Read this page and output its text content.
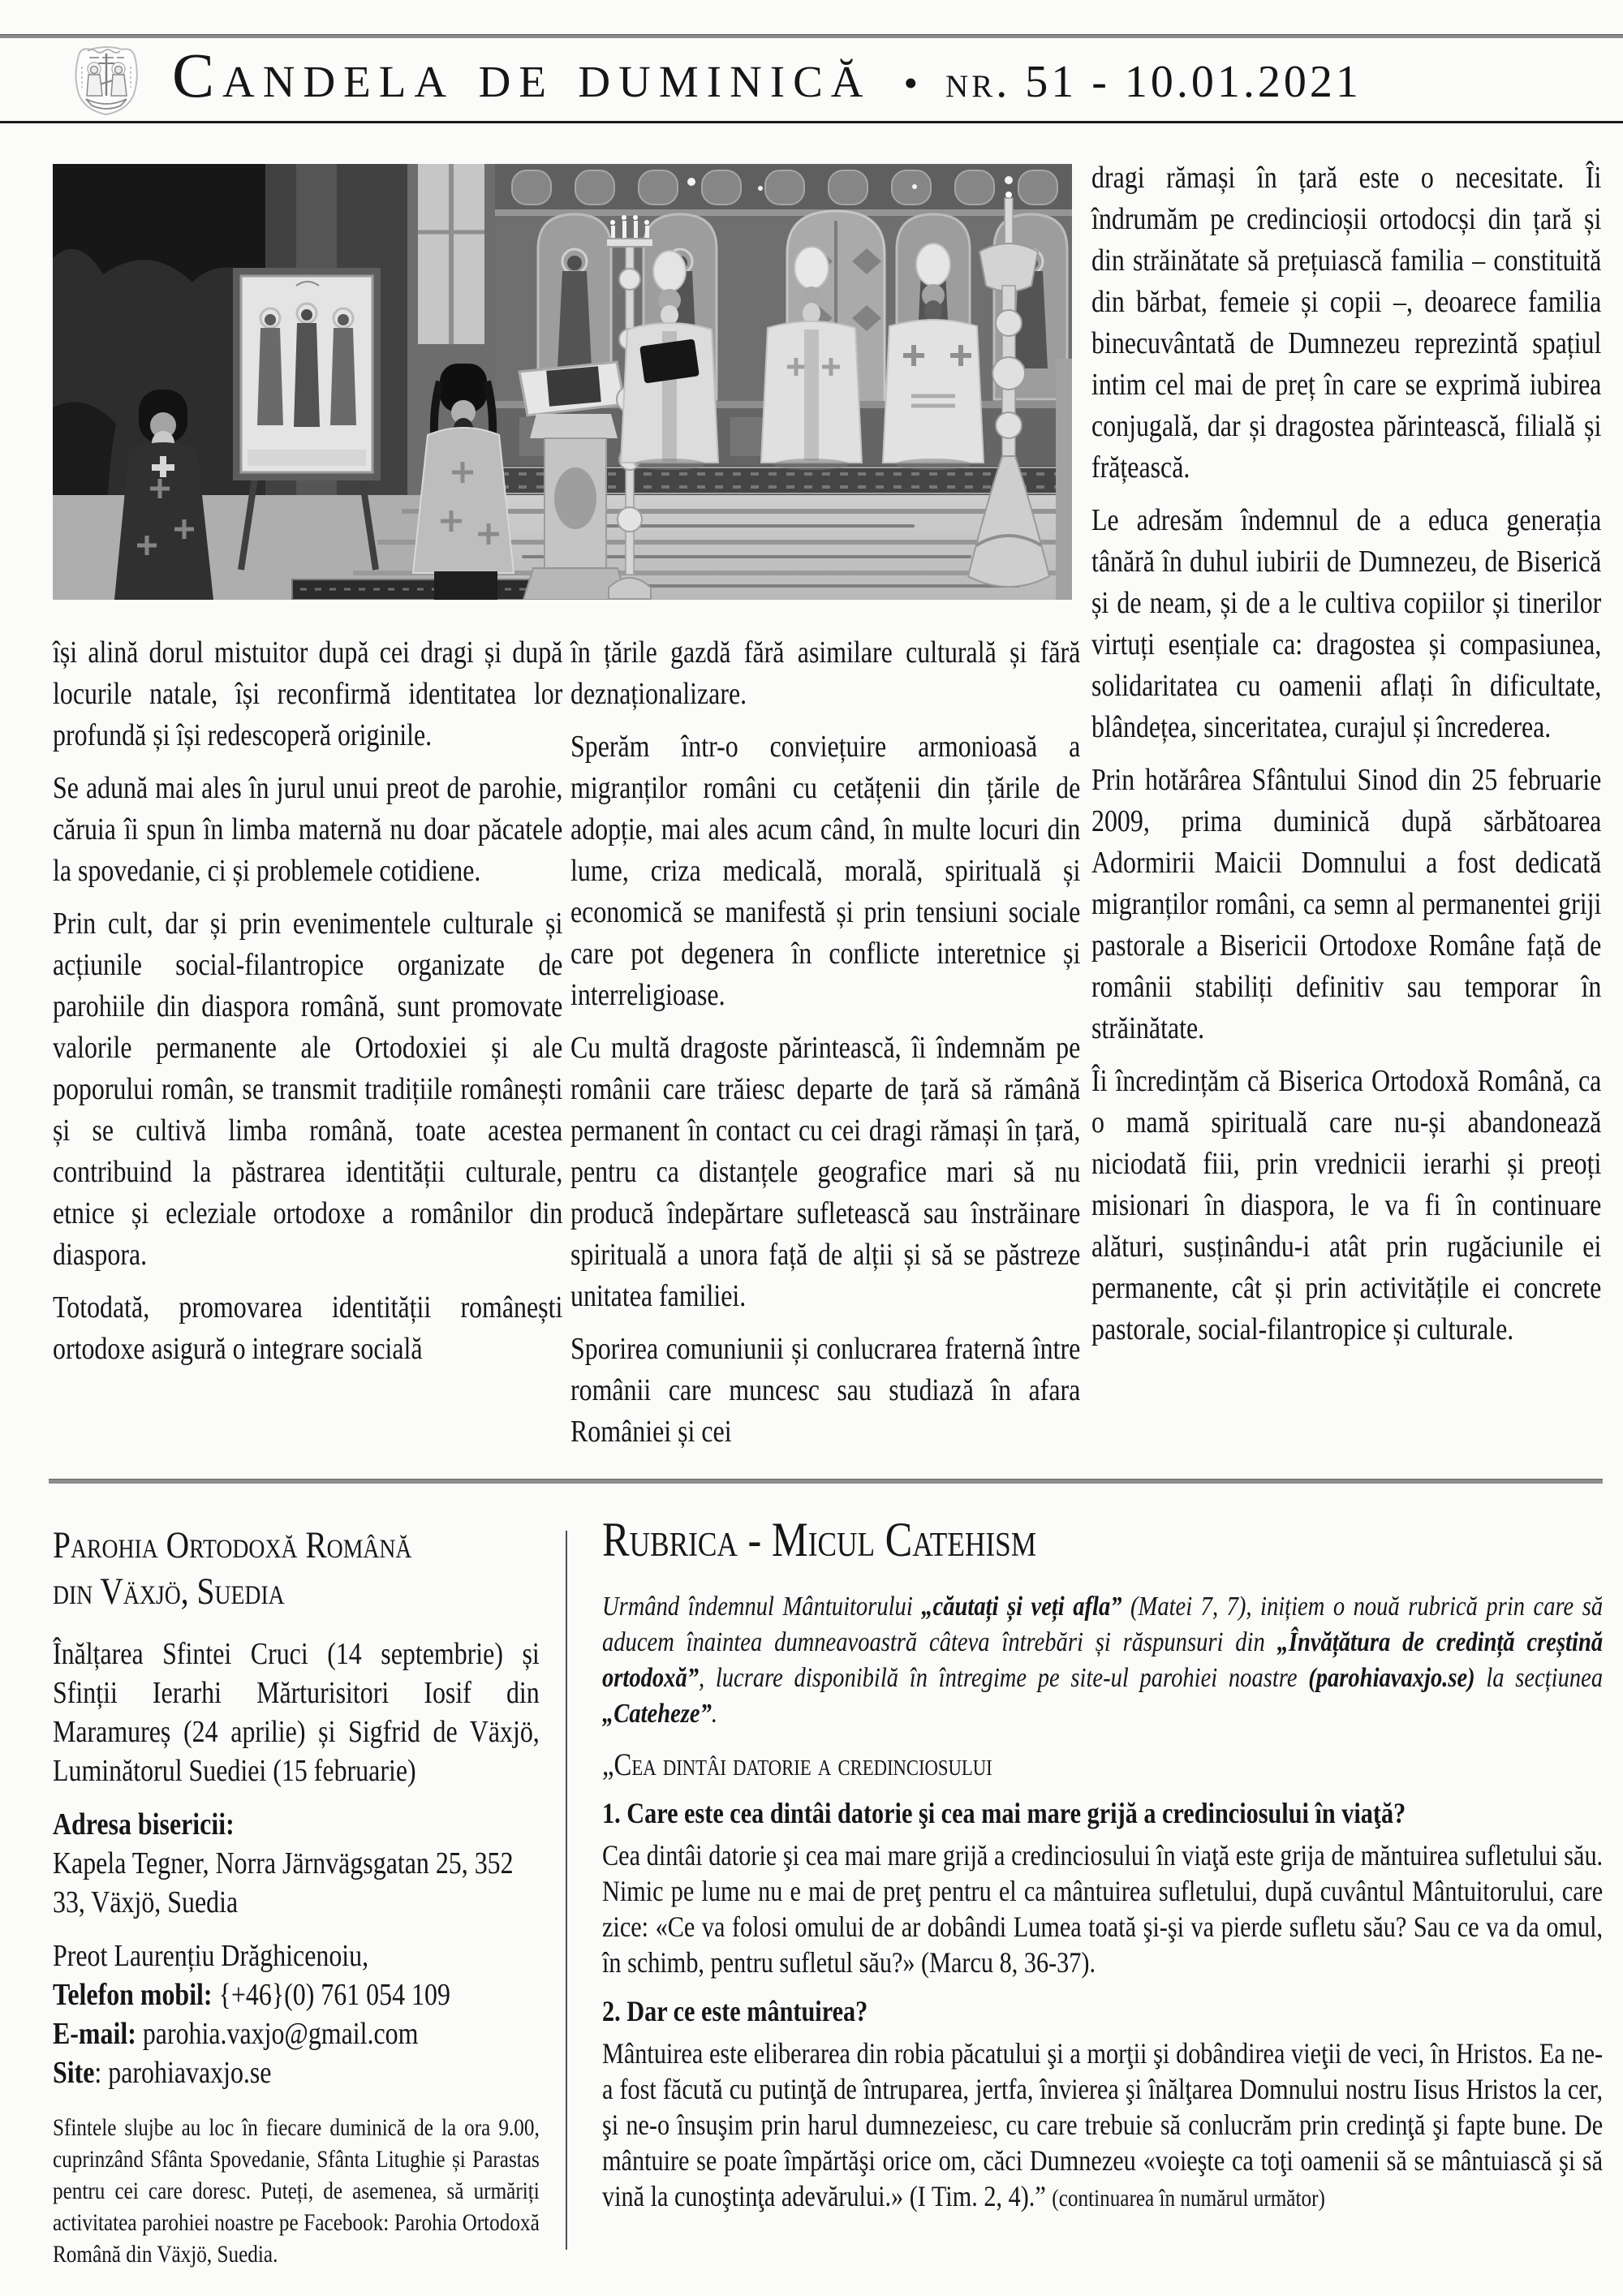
Candela de duminică • nr. 51 - 10.01.2021

își alină dorul mistuitor după cei dragi și după locurile natale, își reconfirmă identitatea lor profundă și își redescoperă originile.

Se adună mai ales în jurul unui preot de parohie, căruia îi spun în limba maternă nu doar păcatele la spovedanie, ci și problemele cotidiene.

Prin cult, dar și prin evenimentele culturale și acțiunile social-filantropice organizate de parohiile din diaspora română, sunt promovate valorile permanente ale Ortodoxiei și ale poporului român, se transmit tradițiile românești și se cultivă limba română, toate acestea contribuind la păstrarea identității culturale, etnice și ecleziale ortodoxe a românilor din diaspora.

Totodată, promovarea identității românești ortodoxe asigură o integrare socială

în țările gazdă fără asimilare culturală și fără deznaționalizare.

Sperăm într-o conviețuire armonioasă a migranților români cu cetățenii din țările de adopție, mai ales acum când, în multe locuri din lume, criza medicală, morală, spirituală și economică se manifestă și prin tensiuni sociale care pot degenera în conflicte interetnice și interreligioase.

Cu multă dragoste părintească, îi îndemnăm pe românii care trăiesc departe de țară să rămână permanent în contact cu cei dragi rămași în țară, pentru ca distanțele geografice mari să nu producă îndepărtare sufletească sau înstrăinare spirituală a unora față de alții și să se păstreze unitatea familiei.

Sporirea comuniunii și conlucrarea fraternă între românii care muncesc sau studiază în afara României și cei

dragi rămași în țară este o necesitate. Îi îndrumăm pe credincioșii ortodocși din țară și din străinătate să prețuiască familia – constituită din bărbat, femeie și copii –, deoarece familia binecuvântată de Dumnezeu reprezintă spațiul intim cel mai de preț în care se exprimă iubirea conjugală, dar și dragostea părintească, filială și frățească.

Le adresăm îndemnul de a educa generația tânără în duhul iubirii de Dumnezeu, de Biserică și de neam, și de a le cultiva copiilor și tinerilor virtuți esențiale ca: dragostea și compasiunea, solidaritatea cu oamenii aflați în dificultate, blândețea, sinceritatea, curajul și încrederea.

Prin hotărârea Sfântului Sinod din 25 februarie 2009, prima duminică după sărbătoarea Adormirii Maicii Domnului a fost dedicată migranților români, ca semn al permanentei griji pastorale a Bisericii Ortodoxe Române față de românii stabiliți definitiv sau temporar în străinătate.

Îi încredințăm că Biserica Ortodoxă Română, ca o mamă spirituală care nu-și abandonează niciodată fiii, prin vrednicii ierarhi și preoți misionari în diaspora, le va fi în continuare alături, susținându-i atât prin rugăciunile ei permanente, cât și prin activitățile ei concrete pastorale, social-filantropice și culturale.

Parohia Ortodoxă Română
din Växjö, Suedia

Înălțarea Sfintei Cruci (14 septembrie) și Sfinții Ierarhi Mărturisitori Iosif din Maramureș (24 aprilie) și Sigfrid de Växjö, Luminătorul Suediei (15 februarie)

Adresa bisericii:
Kapela Tegner, Norra Järnvägsgatan 25, 352 33, Växjö, Suedia

Preot Laurențiu Drăghicenoiu,
Telefon mobil: {+46}(0) 761 054 109
E-mail: parohia.vaxjo@gmail.com
Site: parohiavaxjo.se

Sfintele slujbe au loc în fiecare duminică de la ora 9.00, cuprinzând Sfânta Spovedanie, Sfânta Litughie și Parastas pentru cei care doresc. Puteți, de asemenea, să urmăriți activitatea parohiei noastre pe Facebook: Parohia Ortodoxă Română din Växjö, Suedia.

Rubrica - Micul Catehism

Urmând îndemnul Mântuitorului „căutați și veți afla” (Matei 7, 7), inițiem o nouă rubrică prin care să aducem înaintea dumneavoastră câteva întrebări și răspunsuri din „Învățătura de credință creștină ortodoxă”, lucrare disponibilă în întregime pe site-ul parohiei noastre (parohiavaxjo.se) la secțiunea „Cateheze”.

„Cea dintâi datorie a credinciosului

1. Care este cea dintâi datorie şi cea mai mare grijă a credinciosului în viaţă?

Cea dintâi datorie şi cea mai mare grijă a credinciosului în viaţă este grija de măntuirea sufletului său. Nimic pe lume nu e mai de preţ pentru el ca mântuirea sufletului, după cuvântul Mântuitorului, care zice: «Ce va folosi omului de ar dobândi Lumea toată şi-şi va pierde sufletu său? Sau ce va da omul, în schimb, pentru sufletul său?» (Marcu 8, 36-37).

2. Dar ce este mântuirea?

Mântuirea este eliberarea din robia păcatului şi a morţii şi dobândirea vieţii de veci, în Hristos. Ea ne-a fost făcută cu putinţă de întruparea, jertfa, învierea şi înălţarea Domnului nostru Iisus Hristos la cer, şi ne-o însuşim prin harul dumnezeiesc, cu care trebuie să conlucrăm prin credinţă şi fapte bune. De mântuire se poate împărtăşi orice om, căci Dumnezeu «voieşte ca toţi oamenii să se mântuiască şi să vină la cunoştinţa adevărului.» (I Tim. 2, 4).” (continuarea în numărul următor)
